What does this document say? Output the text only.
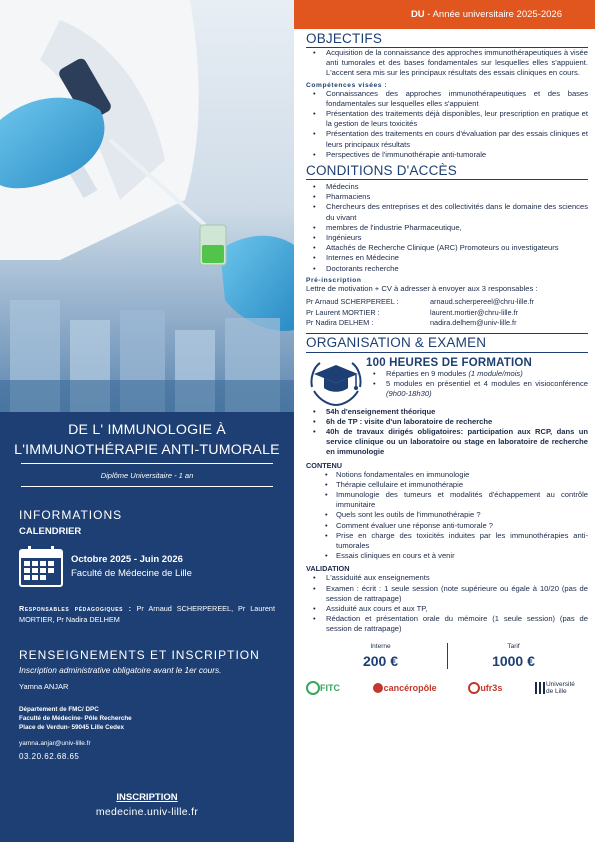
DE L' IMMUNOLOGIE À
L'IMMUNOTHÉRAPIE ANTI-TUMORALE
Diplôme Universitaire - 1 an
INFORMATIONS
CALENDRIER
Octobre 2025 - Juin 2026
Faculté de Médecine de Lille
Responsables pédagogiques : Pr Arnaud SCHERPEREEL, Pr Laurent MORTIER, Pr Nadira DELHEM
RENSEIGNEMENTS ET INSCRIPTION
Inscription administrative obligatoire avant le 1er cours.
Yamna ANJAR
Département de FMC/ DPC
Faculté de Médecine- Pôle Recherche
Place de Verdun- 59045 Lille Cedex
yamna.anjar@univ-lille.fr
03.20.62.68.65
INSCRIPTION
medecine.univ-lille.fr
DU - Année universitaire 2025-2026
OBJECTIFS
• Acquisition de la connaissance des approches immunothérapeutiques à visée anti tumorales et des bases fondamentales sur lesquelles elles s'appuient. L'accent sera mis sur les principaux résultats des essais cliniques en cours.
Compétences visées :
• Connaissances des approches immunothérapeutiques et des bases fondamentales sur lesquelles elles s'appuient
• Présentation des traitements déjà disponibles, leur prescription en pratique et la gestion de leurs toxicités
• Présentation des traitements en cours d'évaluation par des essais cliniques et leurs principaux résultats
• Perspectives de l'immunothérapie anti-tumorale
CONDITIONS D'ACCÈS
• Médecins
• Pharmaciens
• Chercheurs des entreprises et des collectivités dans le domaine des sciences du vivant
• membres de l'industrie Pharmaceutique,
• Ingénieurs
• Attachés de Recherche Clinique (ARC) Promoteurs ou investigateurs
• Internes en Médecine
• Doctorants recherche
Pré-inscription
Lettre de motivation + CV à adresser à envoyer aux 3 responsables :
Pr Arnaud SCHERPEREEL :	arnaud.scherpereel@chru-lille.fr
Pr Laurent MORTIER :	laurent.mortier@chru-lille.fr
Pr Nadira DELHEM :	nadira.delhem@univ-lille.fr
ORGANISATION & EXAMEN
100 HEURES DE FORMATION
• Réparties en 9 modules (1 module/mois)
• 5 modules en présentiel et 4 modules en visioconférence (9h00-18h30)
• 54h d'enseignement théorique
• 6h de TP : visite d'un laboratoire de recherche
• 40h de travaux dirigés obligatoires: participation aux RCP, dans un service clinique ou un laboratoire ou stage en laboratoire de recherche en immunologie
CONTENU
• Notions fondamentales en immunologie
• Thérapie cellulaire et immunothérapie
• Immunologie des tumeurs et modalités d'échappement au contrôle immunitaire
• Quels sont les outils de l'immunothérapie ?
• Comment évaluer une réponse anti-tumorale ?
• Prise en charge des toxicités induites par les immunothérapies anti-tumorales
• Essais cliniques en cours et à venir
VALIDATION
• L'assiduité aux enseignements
• Examen : écrit : 1 seule session (note supérieure ou égale à 10/20 (pas de session de rattrapage)
• Assiduité aux cours et aux TP,
• Rédaction et présentation orale du mémoire (1 seule session) (pas de session de rattrapage)
Interne
200 €
Tarif
1000 €
FITC	cancéropôle	ufr3s	Université de Lille
